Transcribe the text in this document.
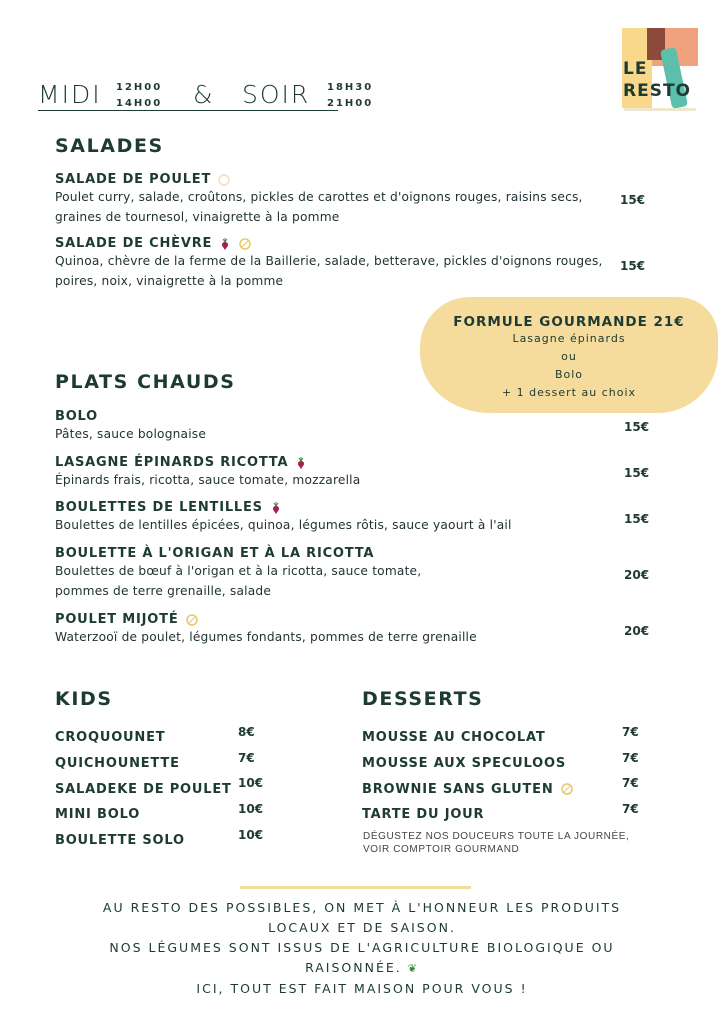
MIDI 12H00
14H00 & SOIR 18H30
21H00
LE
RESTO
SALADES
SALADE DE POULET
Poulet curry, salade, croûtons, pickles de carottes et d'oignons rouges, raisins secs, graines de tournesol, vinaigrette à la pomme
15€
SALADE DE CHÈVRE
Quinoa, chèvre de la ferme de la Baillerie, salade, betterave, pickles d'oignons rouges, poires, noix, vinaigrette à la pomme
15€
FORMULE GOURMANDE 21€
Lasagne épinards
ou
Bolo
+ 1 dessert au choix
PLATS CHAUDS
BOLO
Pâtes, sauce bolognaise	15€
LASAGNE ÉPINARDS RICOTTA
Épinards frais, ricotta, sauce tomate, mozzarella	15€
BOULETTES DE LENTILLES
Boulettes de lentilles épicées, quinoa, légumes rôtis, sauce yaourt à l'ail	15€
BOULETTE À L'ORIGAN ET À LA RICOTTA
Boulettes de bœuf à l'origan et à la ricotta, sauce tomate, pommes de terre grenaille, salade
20€
POULET MIJOTÉ
Waterzooï de poulet, légumes fondants, pommes de terre grenaille	20€
KIDS
CROQUOUNET	8€
QUICHOUNETTE	7€
SALADEKE DE POULET 10€
MINI BOLO	10€
BOULETTE SOLO	10€
DESSERTS
MOUSSE AU CHOCOLAT	7€
MOUSSE AUX SPECULOOS	7€
BROWNIE SANS GLUTEN	7€
TARTE DU JOUR	7€
DÉGUSTEZ NOS DOUCEURS TOUTE LA JOURNÉE,
VOIR COMPTOIR GOURMAND
AU RESTO DES POSSIBLES, ON MET À L'HONNEUR LES PRODUITS
LOCAUX ET DE SAISON.
NOS LÉGUMES SONT ISSUS DE L'AGRICULTURE BIOLOGIQUE OU
RAISONNÉE. ❦
ICI, TOUT EST FAIT MAISON POUR VOUS !
